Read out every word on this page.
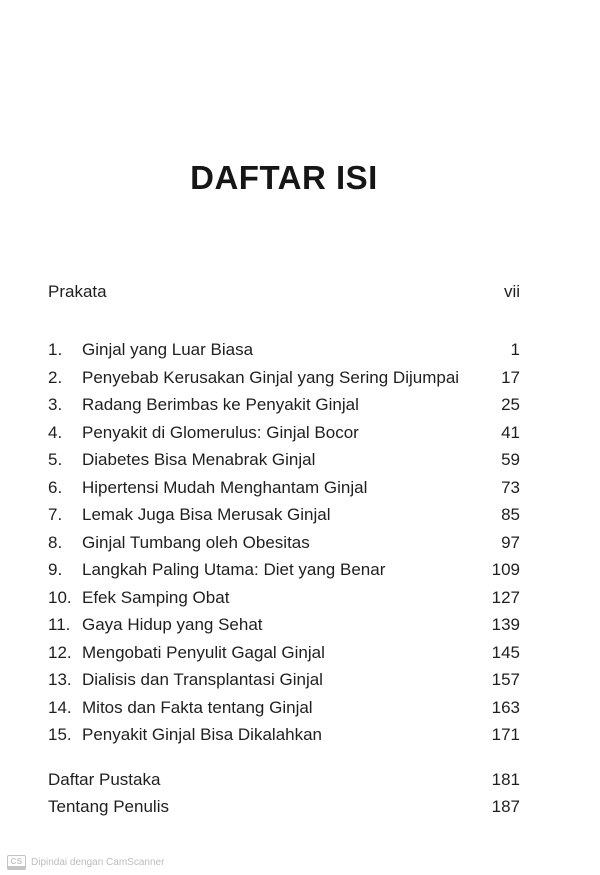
DAFTAR ISI
Prakata	vii
1.	Ginjal yang Luar Biasa	1
2.	Penyebab Kerusakan Ginjal yang Sering Dijumpai	17
3.	Radang Berimbas ke Penyakit Ginjal	25
4.	Penyakit di Glomerulus: Ginjal Bocor	41
5.	Diabetes Bisa Menabrak Ginjal	59
6.	Hipertensi Mudah Menghantam Ginjal	73
7.	Lemak Juga Bisa Merusak Ginjal	85
8.	Ginjal Tumbang oleh Obesitas	97
9.	Langkah Paling Utama: Diet yang Benar	109
10. Efek Samping Obat	127
11. Gaya Hidup yang Sehat	139
12. Mengobati Penyulit Gagal Ginjal	145
13. Dialisis dan Transplantasi Ginjal	157
14. Mitos dan Fakta tentang Ginjal	163
15. Penyakit Ginjal Bisa Dikalahkan	171
Daftar Pustaka	181
Tentang Penulis	187
CS Dipindai dengan CamScanner
